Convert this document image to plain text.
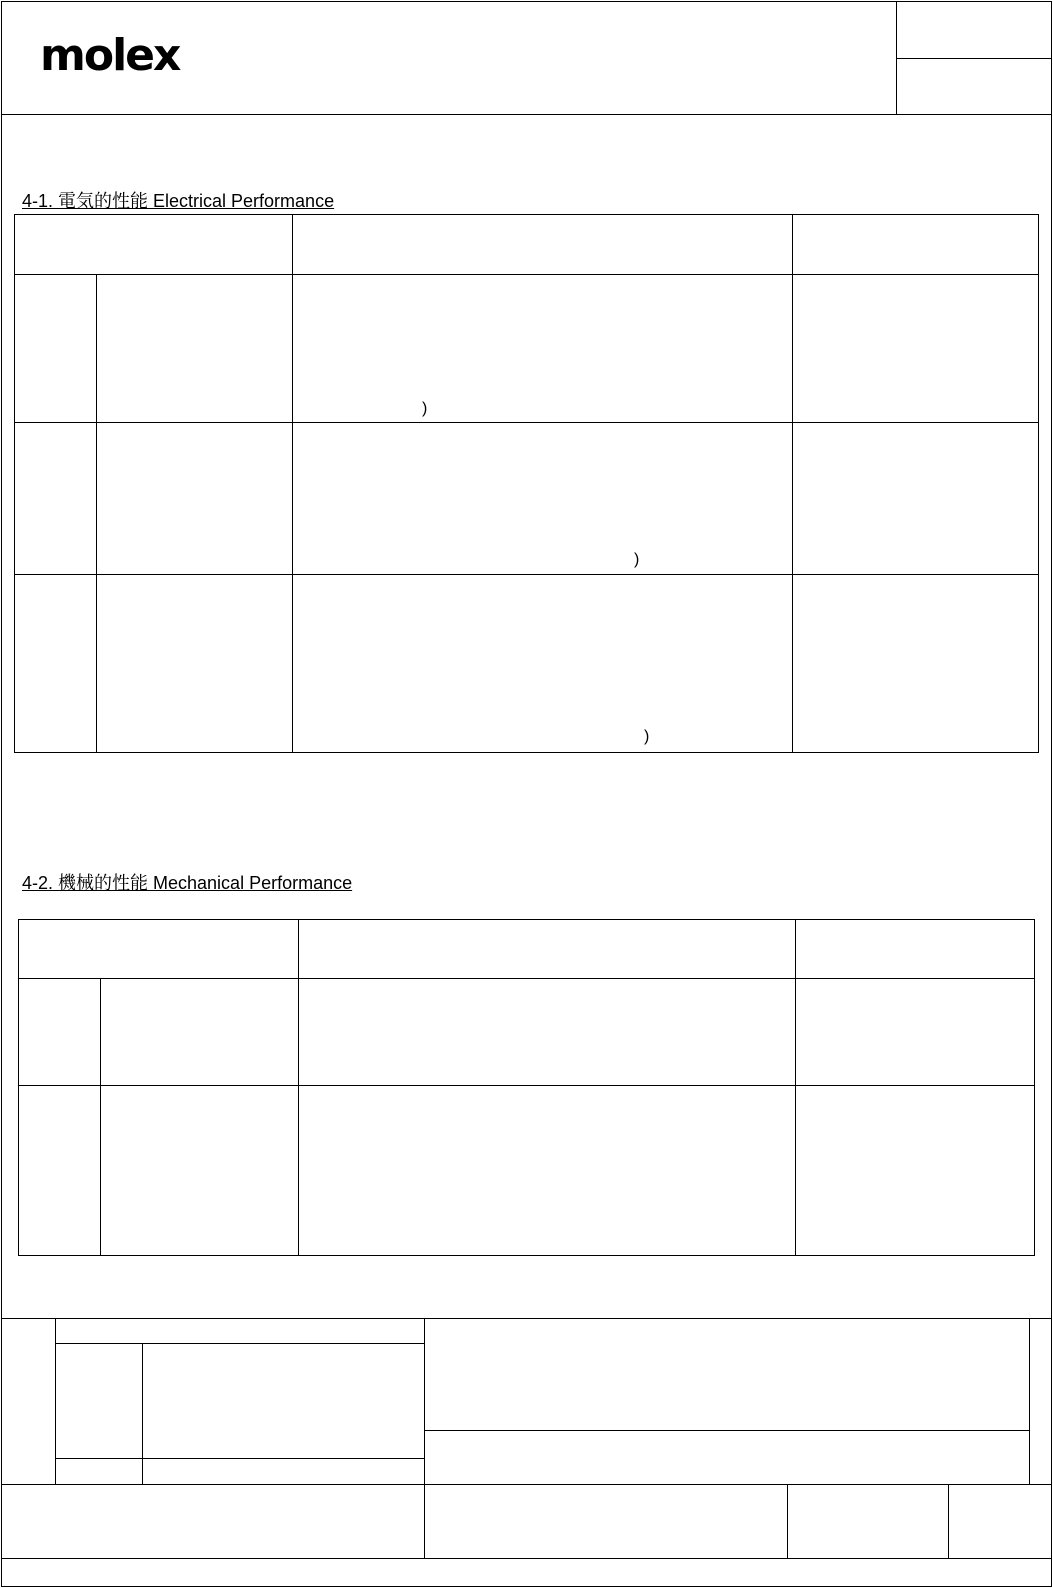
molex
4-1. 電気的性能 Electrical Performance
)
)
)
4-2. 機械的性能 Mechanical Performance
